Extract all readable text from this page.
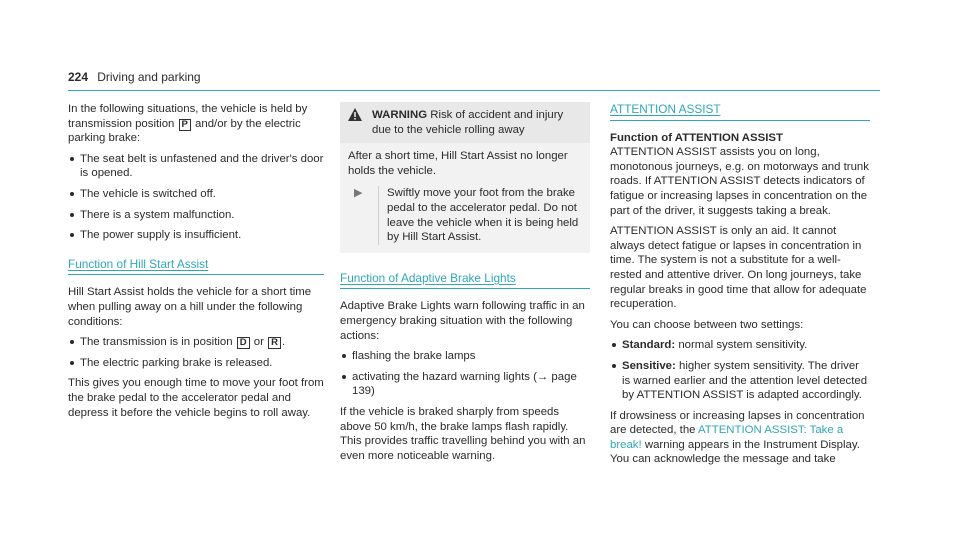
224 Driving and parking

In the following situations, the vehicle is held by transmission position P and/or by the electric parking brake:

The seat belt is unfastened and the driver's door is opened.
The vehicle is switched off.
There is a system malfunction.
The power supply is insufficient.
Function of Hill Start Assist

Hill Start Assist holds the vehicle for a short time when pulling away on a hill under the following conditions:

The transmission is in position D or R .
The electric parking brake is released.

This gives you enough time to move your foot from the brake pedal to the accelerator pedal and depress it before the vehicle begins to roll away.

WARNING Risk of accident and injury due to the vehicle rolling away
After a short time, Hill Start Assist no longer holds the vehicle.
▶	Swiftly move your foot from the brake pedal to the accelerator pedal. Do not leave the vehicle when it is being held by Hill Start Assist.
Function of Adaptive Brake Lights

Adaptive Brake Lights warn following traffic in an emergency braking situation with the following actions:

flashing the brake lamps
activating the hazard warning lights (→ page 139)

If the vehicle is braked sharply from speeds above 50 km/h, the brake lamps flash rapidly. This provides traffic travelling behind you with an even more noticeable warning.

ATTENTION ASSIST
Function of ATTENTION ASSIST

ATTENTION ASSIST assists you on long, monotonous journeys, e.g. on motorways and trunk roads. If ATTENTION ASSIST detects indicators of fatigue or increasing lapses in concentration on the part of the driver, it suggests taking a break.

ATTENTION ASSIST is only an aid. It cannot always detect fatigue or lapses in concentration in time. The system is not a substitute for a well-rested and attentive driver. On long journeys, take regular breaks in good time that allow for adequate recuperation.

You can choose between two settings:

Standard: normal system sensitivity.
Sensitive: higher system sensitivity. The driver is warned earlier and the attention level detected by ATTENTION ASSIST is adapted accordingly.

If drowsiness or increasing lapses in concentration are detected, the ATTENTION ASSIST: Take a break! warning appears in the Instrument Display. You can acknowledge the message and take
